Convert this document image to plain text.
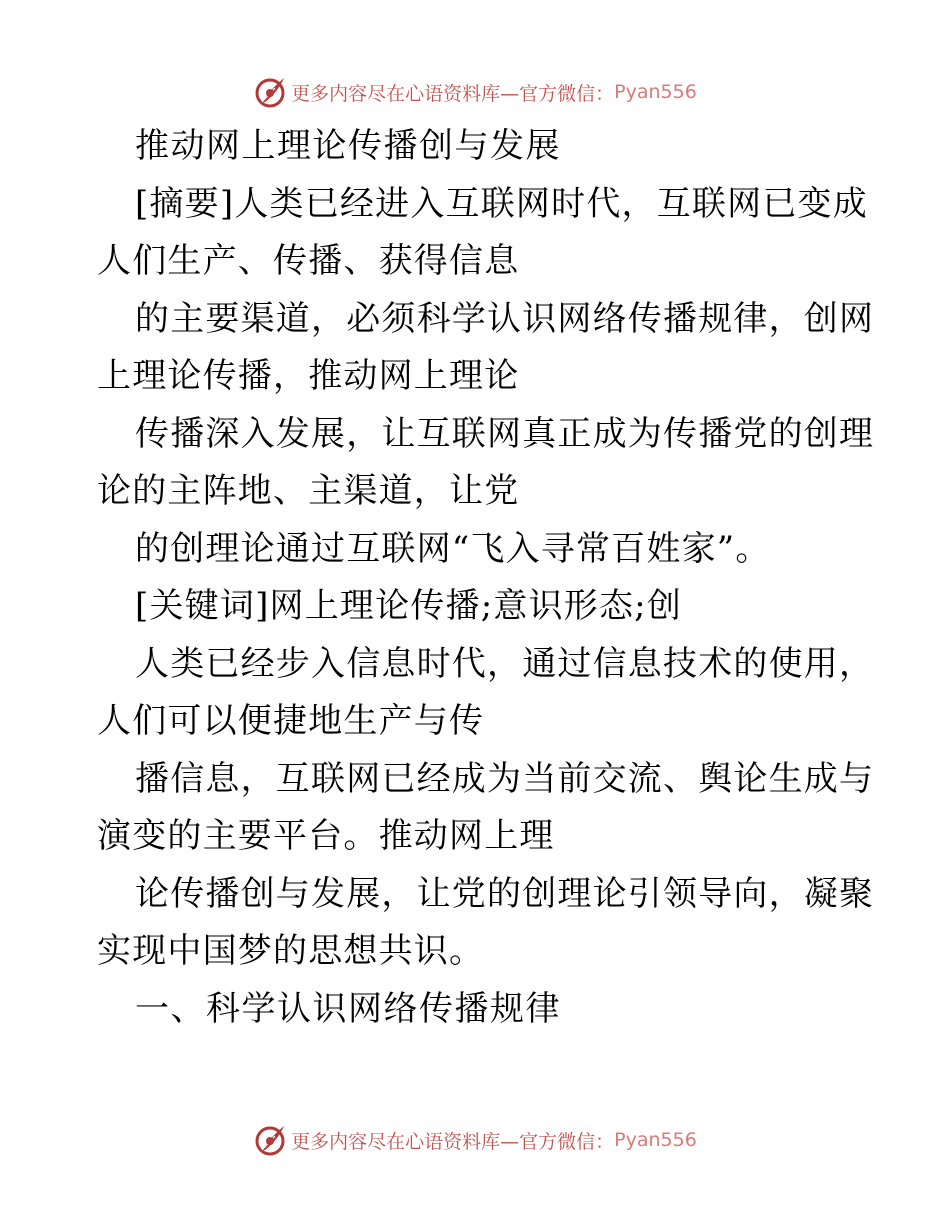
更多内容尽在心语资料库—官方微信： Pyan556
推动网上理论传播创与发展
[摘要]人类已经进入互联网时代，互联网已变成
人们生产、传播、获得信息
的主要渠道，必须科学认识网络传播规律，创网
上理论传播，推动网上理论
传播深入发展，让互联网真正成为传播党的创理
论的主阵地、主渠道，让党
的创理论通过互联网“飞入寻常百姓家”。
[关键词]网上理论传播;意识形态;创
人类已经步入信息时代，通过信息技术的使用，
人们可以便捷地生产与传
播信息，互联网已经成为当前交流、舆论生成与
演变的主要平台。推动网上理
论传播创与发展，让党的创理论引领导向，凝聚
实现中国梦的思想共识。
一、科学认识网络传播规律
更多内容尽在心语资料库—官方微信： Pyan556
